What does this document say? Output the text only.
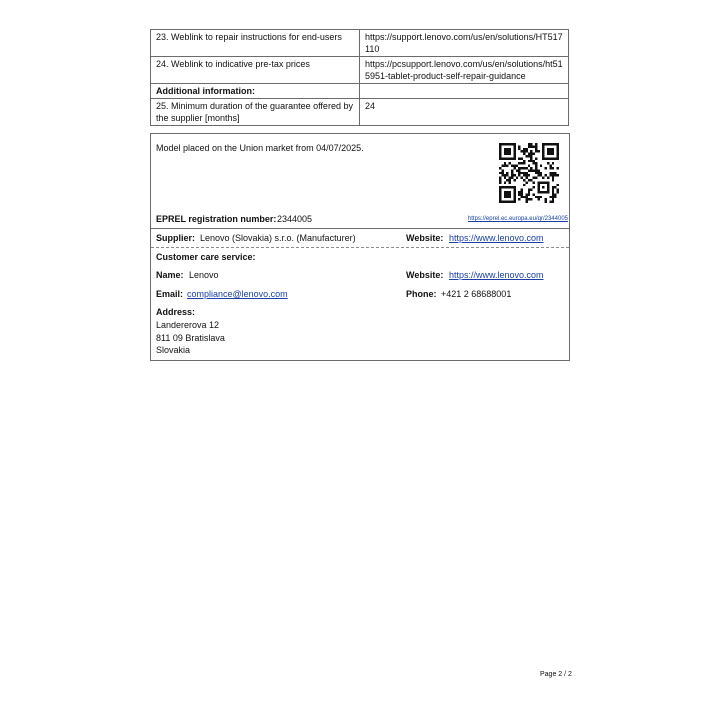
23. Weblink to repair instructions for end-users	https://support.lenovo.com/us/en/solutions/HT517110
24. Weblink to indicative pre-tax prices	https://pcsupport.lenovo.com/us/en/solutions/ht515951-tablet-product-self-repair-guidance
Additional information:	
25. Minimum duration of the guarantee offered by the supplier [months]	24
Model placed on the Union market from 04/07/2025.
EPREL registration number: 2344005	https://eprel.ec.europa.eu/qr/2344005
Supplier: Lenovo (Slovakia) s.r.o. (Manufacturer)	Website: https://www.lenovo.com
Customer care service:
Name: Lenovo	Website: https://www.lenovo.com
Email: compliance@lenovo.com	Phone: +421 2 68688001
Address:
Landererova 12
811 09 Bratislava
Slovakia
Page 2 / 2
